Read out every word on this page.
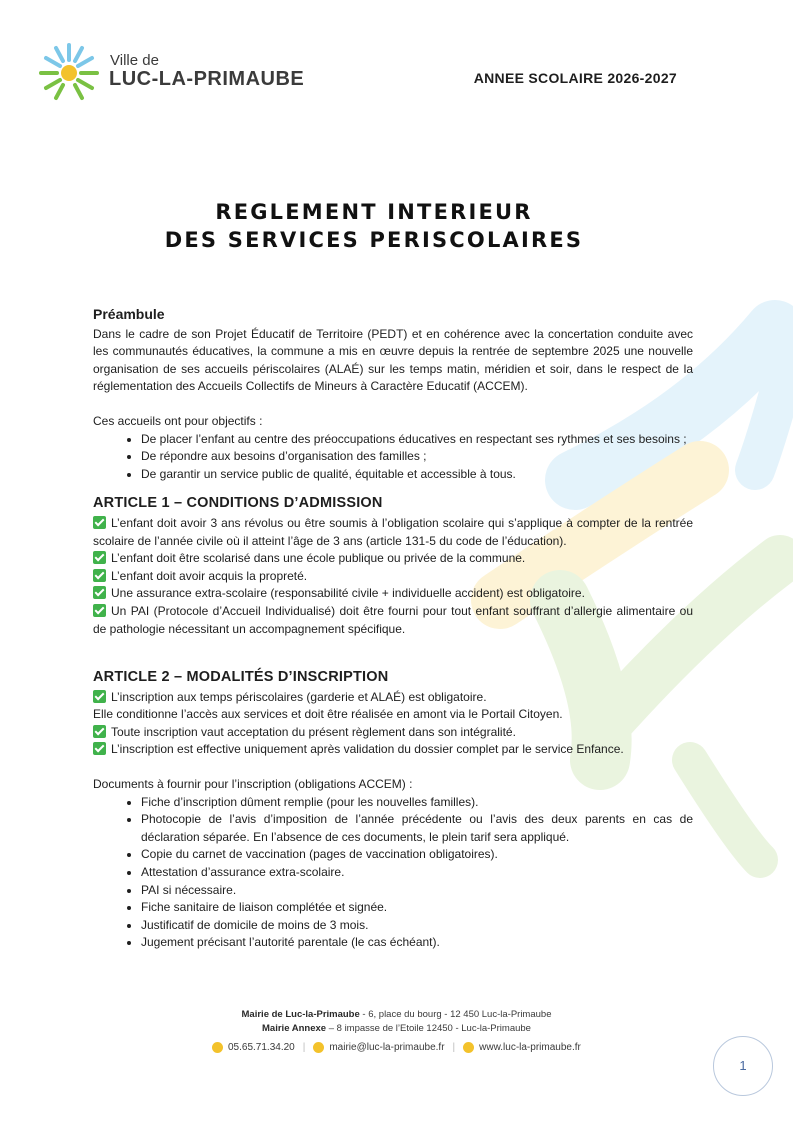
Ville de
LUC-LA-PRIMAUBE	ANNEE SCOLAIRE 2026-2027
REGLEMENT INTERIEUR
DES SERVICES PERISCOLAIRES
Préambule

Dans le cadre de son Projet Éducatif de Territoire (PEDT) et en cohérence avec la concertation conduite avec les communautés éducatives, la commune a mis en œuvre depuis la rentrée de septembre 2025 une nouvelle organisation de ses accueils périscolaires (ALAÉ) sur les temps matin, méridien et soir, dans le respect de la réglementation des Accueils Collectifs de Mineurs à Caractère Educatif (ACCEM).

Ces accueils ont pour objectifs :

• De placer l’enfant au centre des préoccupations éducatives en respectant ses rythmes et ses besoins ;
• De répondre aux besoins d’organisation des familles ;
• De garantir un service public de qualité, équitable et accessible à tous.
ARTICLE 1 – CONDITIONS D’ADMISSION

L’enfant doit avoir 3 ans révolus ou être soumis à l’obligation scolaire qui s’applique à compter de la rentrée scolaire de l’année civile où il atteint l’âge de 3 ans (article 131-5 du code de l’éducation).

L’enfant doit être scolarisé dans une école publique ou privée de la commune.

L’enfant doit avoir acquis la propreté.

Une assurance extra-scolaire (responsabilité civile + individuelle accident) est obligatoire.

Un PAI (Protocole d’Accueil Individualisé) doit être fourni pour tout enfant souffrant d’allergie alimentaire ou de pathologie nécessitant un accompagnement spécifique.

ARTICLE 2 – MODALITÉS D’INSCRIPTION

L’inscription aux temps périscolaires (garderie et ALAÉ) est obligatoire.

Elle conditionne l’accès aux services et doit être réalisée en amont via le Portail Citoyen.

Toute inscription vaut acceptation du présent règlement dans son intégralité.

L’inscription est effective uniquement après validation du dossier complet par le service Enfance.

Documents à fournir pour l’inscription (obligations ACCEM) :

• Fiche d’inscription dûment remplie (pour les nouvelles familles).
• Photocopie de l’avis d’imposition de l’année précédente ou l’avis des deux parents en cas de déclaration séparée. En l’absence de ces documents, le plein tarif sera appliqué.
• Copie du carnet de vaccination (pages de vaccination obligatoires).
• Attestation d’assurance extra-scolaire.
• PAI si nécessaire.
• Fiche sanitaire de liaison complétée et signée.
• Justificatif de domicile de moins de 3 mois.
• Jugement précisant l’autorité parentale (le cas échéant).
Mairie de Luc-la-Primaube - 6, place du bourg - 12 450 Luc-la-Primaube
Mairie Annexe – 8 impasse de l’Etoile 12450 - Luc-la-Primaube
05.65.71.34.20 | mairie@luc-la-primaube.fr | www.luc-la-primaube.fr
1
